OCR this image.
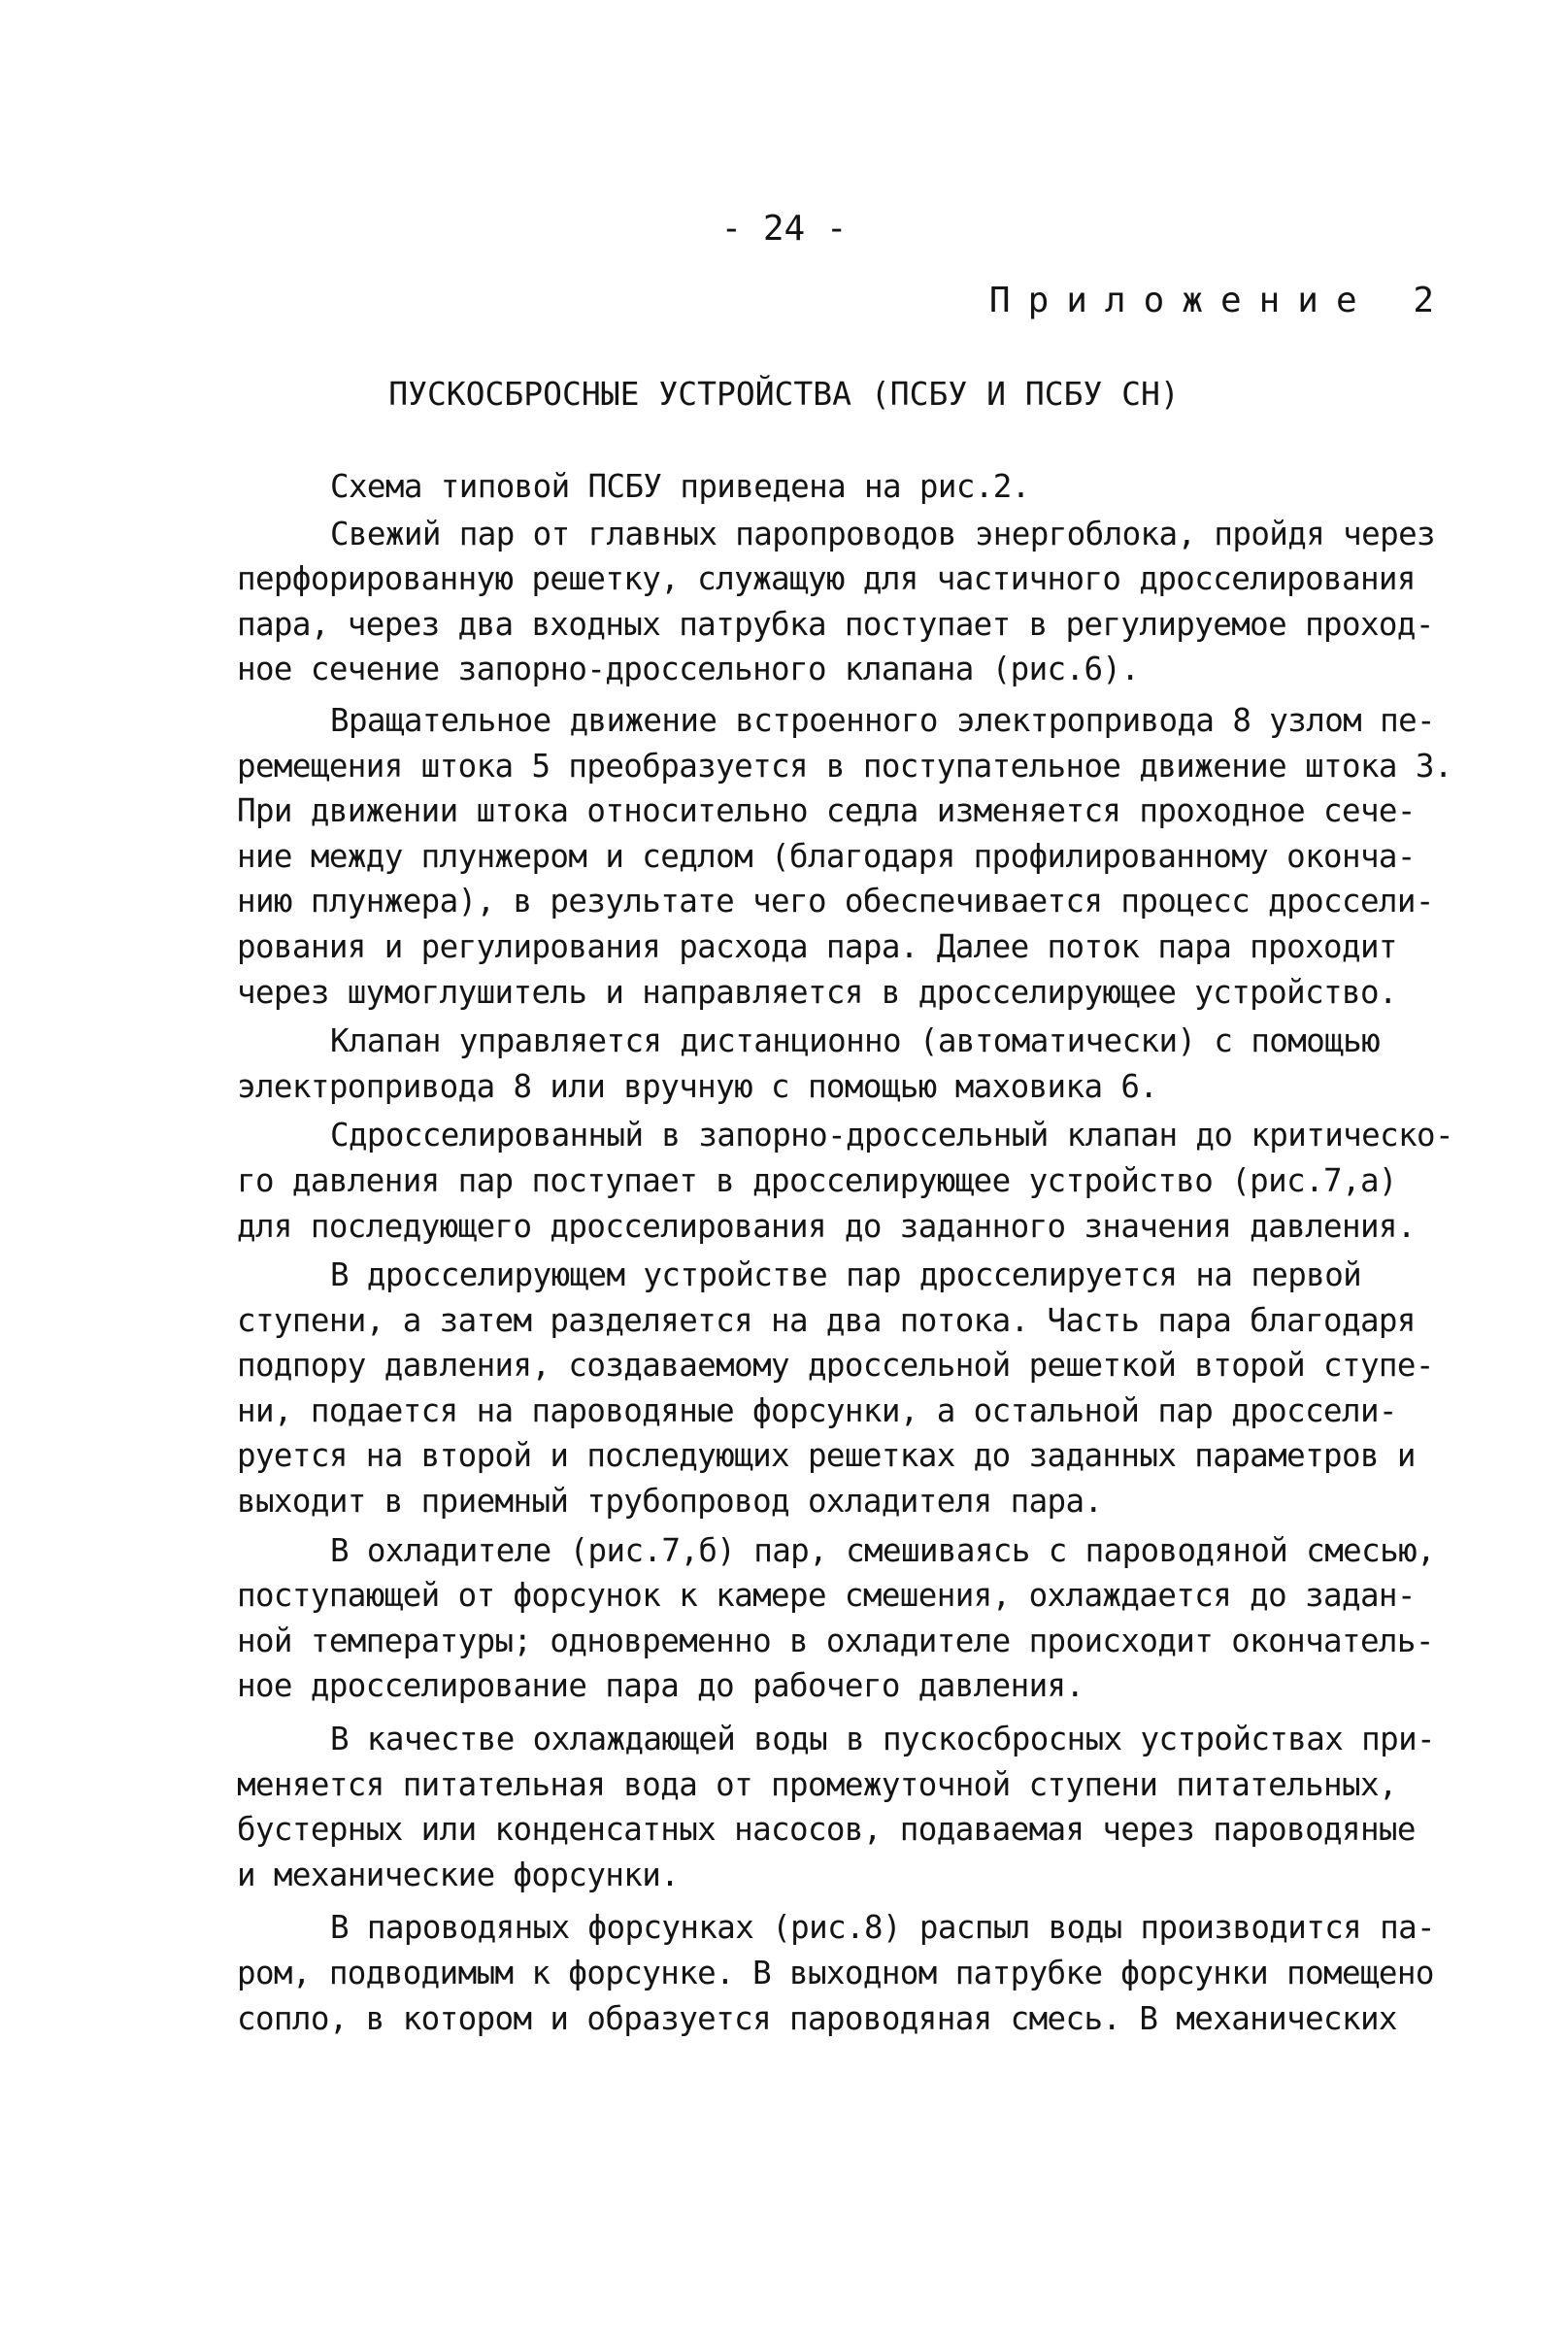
- 24 -
Приложение 2
ПУСКОСБРОСНЫЕ УСТРОЙСТВА (ПСБУ И ПСБУ СН)
Схема типовой ПСБУ приведена на рис.2.
Свежий пар от главных паропроводов энергоблока, пройдя через
перфорированную решетку, служащую для частичного дросселирования
пара, через два входных патрубка поступает в регулируемое проход-
ное сечение запорно-дроссельного клапана (рис.6).
Вращательное движение встроенного электропривода 8 узлом пе-
ремещения штока 5 преобразуется в поступательное движение штока 3.
При движении штока относительно седла изменяется проходное сече-
ние между плунжером и седлом (благодаря профилированному оконча-
нию плунжера), в результате чего обеспечивается процесс дроссели-
рования и регулирования расхода пара. Далее поток пара проходит
через шумоглушитель и направляется в дросселирующее устройство.
Клапан управляется дистанционно (автоматически) с помощью
электропривода 8 или вручную с помощью маховика 6.
Сдросселированный в запорно-дроссельный клапан до критическо-
го давления пар поступает в дросселирующее устройство (рис.7,а)
для последующего дросселирования до заданного значения давления.
В дросселирующем устройстве пар дросселируется на первой
ступени, а затем разделяется на два потока. Часть пара благодаря
подпору давления, создаваемому дроссельной решеткой второй ступе-
ни, подается на пароводяные форсунки, а остальной пар дроссели-
руется на второй и последующих решетках до заданных параметров и
выходит в приемный трубопровод охладителя пара.
В охладителе (рис.7,б) пар, смешиваясь с пароводяной смесью,
поступающей от форсунок к камере смешения, охлаждается до задан-
ной температуры; одновременно в охладителе происходит окончатель-
ное дросселирование пара до рабочего давления.
В качестве охлаждающей воды в пускосбросных устройствах при-
меняется питательная вода от промежуточной ступени питательных,
бустерных или конденсатных насосов, подаваемая через пароводяные
и механические форсунки.
В пароводяных форсунках (рис.8) распыл воды производится па-
ром, подводимым к форсунке. В выходном патрубке форсунки помещено
сопло, в котором и образуется пароводяная смесь. В механических
